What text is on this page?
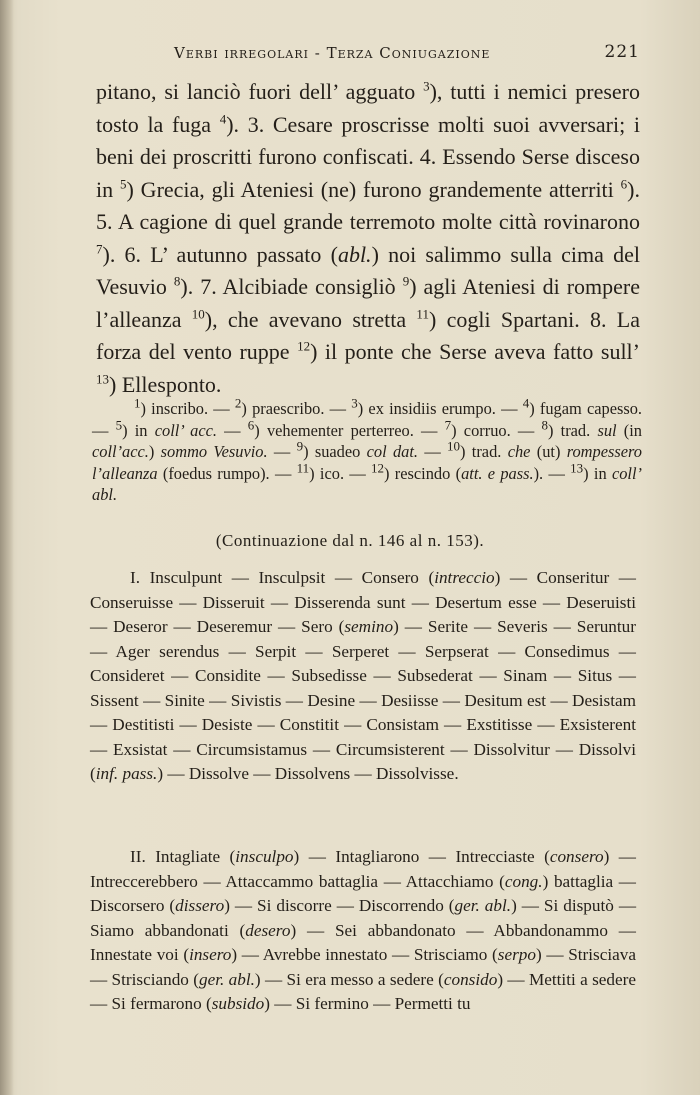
Verbi irregolari - Terza Coniugazione	221

pitano, si lanciò fuori dell’ agguato $^3$), tutti i nemici presero tosto la fuga $^4$). 3. Cesare proscrisse molti suoi avversari; i beni dei proscritti furono confiscati. 4. Essendo Serse disceso in $^5$) Grecia, gli Ateniesi (ne) furono grandemente atterriti $^6$). 5. A cagione di quel grande terremoto molte città rovinarono $^7$). 6. L’ autunno passato (abl.) noi salimmo sulla cima del Vesuvio $^8$). 7. Alcibiade consigliò $^9$) agli Ateniesi di rompere l’alleanza $^{10}$), che avevano stretta $^{11}$) cogli Spartani. 8. La forza del vento ruppe $^{12}$) il ponte che Serse aveva fatto sull’ $^{13}$) Ellesponto.

$^1$) inscribo. — $^2$) praescribo. — $^3$) ex insidiis erumpo. — $^4$) fugam capesso. — $^5$) in coll’ acc. — $^6$) vehementer perterreo. — $^7$) corruo. — $^8$) trad. sul (in coll’acc.) sommo Vesuvio. — $^9$) suadeo col dat. — $^{10}$) trad. che (ut) rompessero l’alleanza (foedus rumpo). — $^{11}$) ico. — $^{12}$) rescindo (att. e pass.). — $^{13}$) in coll’ abl.

(Continuazione dal n. 146 al n. 153).

I. Insculpunt — Insculpsit — Consero (intreccio) — Conseritur — Conseruisse — Disseruit — Disserenda sunt — Desertum esse — Deseruisti — Deseror — Deseremur — Sero (semino) — Serite — Severis — Seruntur — Ager serendus — Serpit — Serperet — Serpserat — Consedimus — Consideret — Considite — Subsedisse — Subsederat — Sinam — Situs — Sissent — Sinite — Sivistis — Desine — Desiisse — Desitum est — Desistam — Destitisti — Desiste — Constitit — Consistam — Exstitisse — Exsisterent — Exsistat — Circumsistamus — Circumsisterent — Dissolvitur — Dissolvi (inf. pass.) — Dissolve — Dissolvens — Dissolvisse.

II. Intagliate (insculpo) — Intagliarono — Intrecciaste (consero) — Intreccerebbero — Attaccammo battaglia — Attacchiamo (cong.) battaglia — Discorsero (dissero) — Si discorre — Discorrendo (ger. abl.) — Si disputò — Siamo abbandonati (desero) — Sei abbandonato — Abbandonammo — Innestate voi (insero) — Avrebbe innestato — Strisciamo (serpo) — Strisciava — Strisciando (ger. abl.) — Si era messo a sedere (consido) — Mettiti a sedere — Si fermarono (subsido) — Si fermino — Permetti tu
